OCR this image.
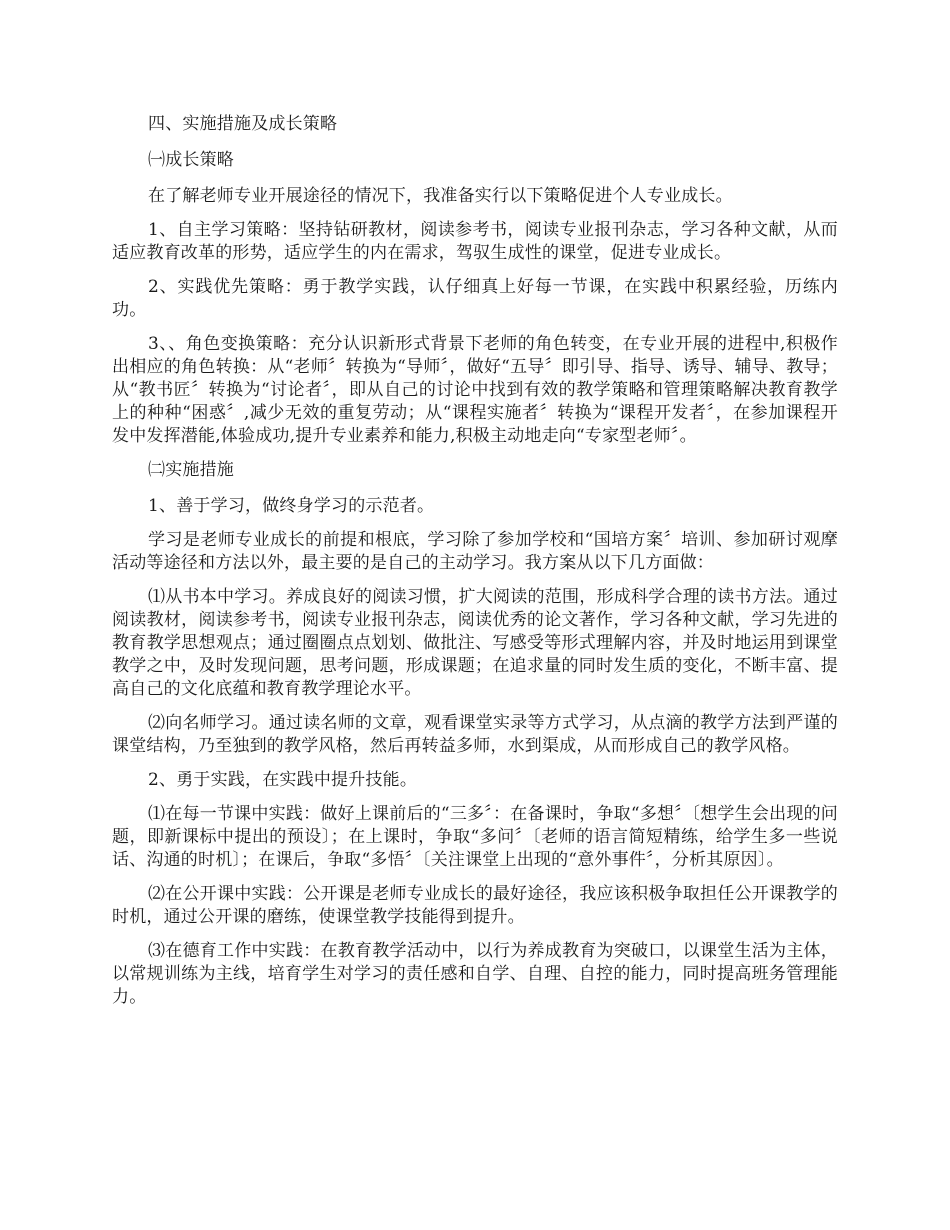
四、实施措施及成长策略

㈠成长策略

在了解老师专业开展途径的情况下，我准备实行以下策略促进个人专业成长。

1、自主学习策略：坚持钻研教材，阅读参考书，阅读专业报刊杂志，学习各种文献，从而适应教育改革的形势，适应学生的内在需求，驾驭生成性的课堂，促进专业成长。

2、实践优先策略：勇于教学实践，认仔细真上好每一节课，在实践中积累经验，历练内功。

3、、角色变换策略：充分认识新形式背景下老师的角色转变，在专业开展的进程中,积极作出相应的角色转换：从“老师〞转换为“导师〞，做好“五导〞即引导、指导、诱导、辅导、教导；从“教书匠〞转换为“讨论者〞，即从自己的讨论中找到有效的教学策略和管理策略解决教育教学上的种种“困惑〞,减少无效的重复劳动；从“课程实施者〞转换为“课程开发者〞，在参加课程开发中发挥潜能,体验成功,提升专业素养和能力,积极主动地走向“专家型老师〞。

㈡实施措施

1、善于学习，做终身学习的示范者。

学习是老师专业成长的前提和根底，学习除了参加学校和“国培方案〞培训、参加研讨观摩活动等途径和方法以外，最主要的是自己的主动学习。我方案从以下几方面做：

⑴从书本中学习。养成良好的阅读习惯，扩大阅读的范围，形成科学合理的读书方法。通过阅读教材，阅读参考书，阅读专业报刊杂志，阅读优秀的论文著作，学习各种文献，学习先进的教育教学思想观点；通过圈圈点点划划、做批注、写感受等形式理解内容，并及时地运用到课堂教学之中，及时发现问题，思考问题，形成课题；在追求量的同时发生质的变化，不断丰富、提高自己的文化底蕴和教育教学理论水平。

⑵向名师学习。通过读名师的文章，观看课堂实录等方式学习，从点滴的教学方法到严谨的课堂结构，乃至独到的教学风格，然后再转益多师，水到渠成，从而形成自己的教学风格。

2、勇于实践，在实践中提升技能。

⑴在每一节课中实践：做好上课前后的“三多〞：在备课时，争取“多想〞〔想学生会出现的问题，即新课标中提出的预设〕；在上课时，争取“多问〞〔老师的语言简短精练，给学生多一些说话、沟通的时机〕；在课后，争取“多悟〞〔关注课堂上出现的“意外事件〞，分析其原因〕。

⑵在公开课中实践：公开课是老师专业成长的最好途径，我应该积极争取担任公开课教学的时机，通过公开课的磨练，使课堂教学技能得到提升。

⑶在德育工作中实践：在教育教学活动中，以行为养成教育为突破口，以课堂生活为主体，以常规训练为主线，培育学生对学习的责任感和自学、自理、自控的能力，同时提高班务管理能力。
